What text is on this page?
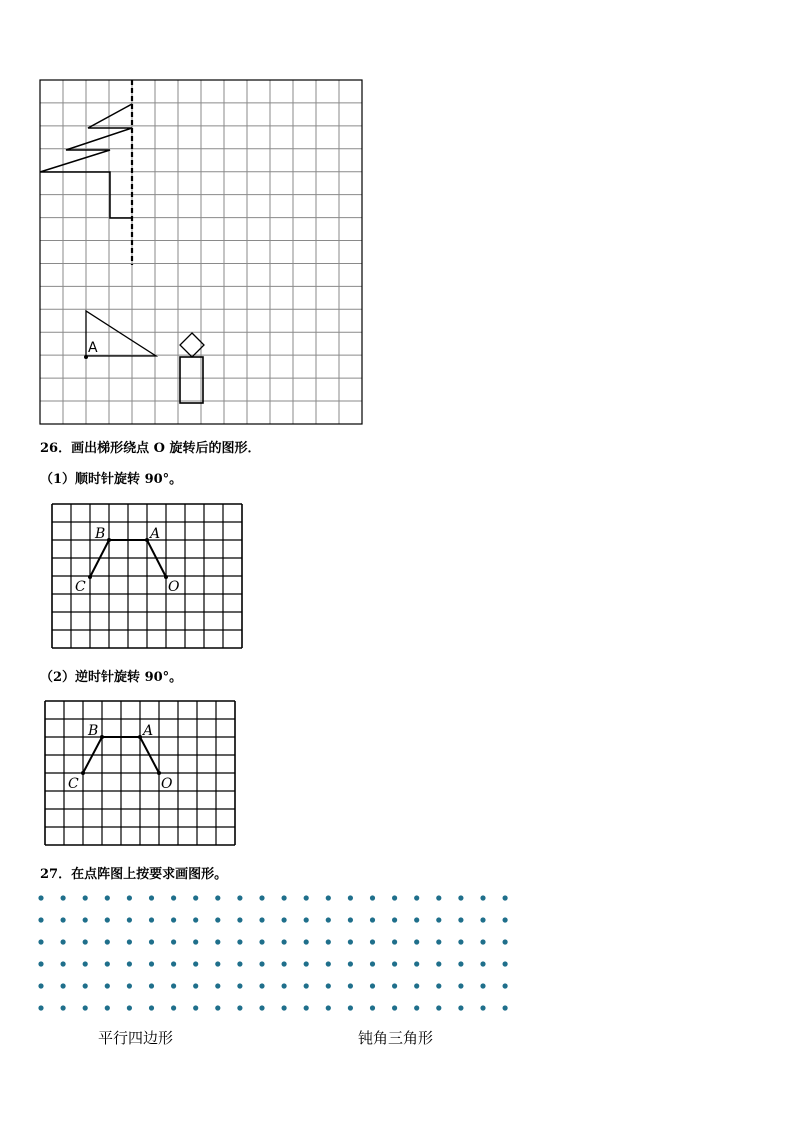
A
26．画出梯形绕点 O 旋转后的图形．
（1）顺时针旋转 90°。
B	A
C	O
（2）逆时针旋转 90°。
B	A
C	O
27．在点阵图上按要求画图形。
平行四边形	钝角三角形
